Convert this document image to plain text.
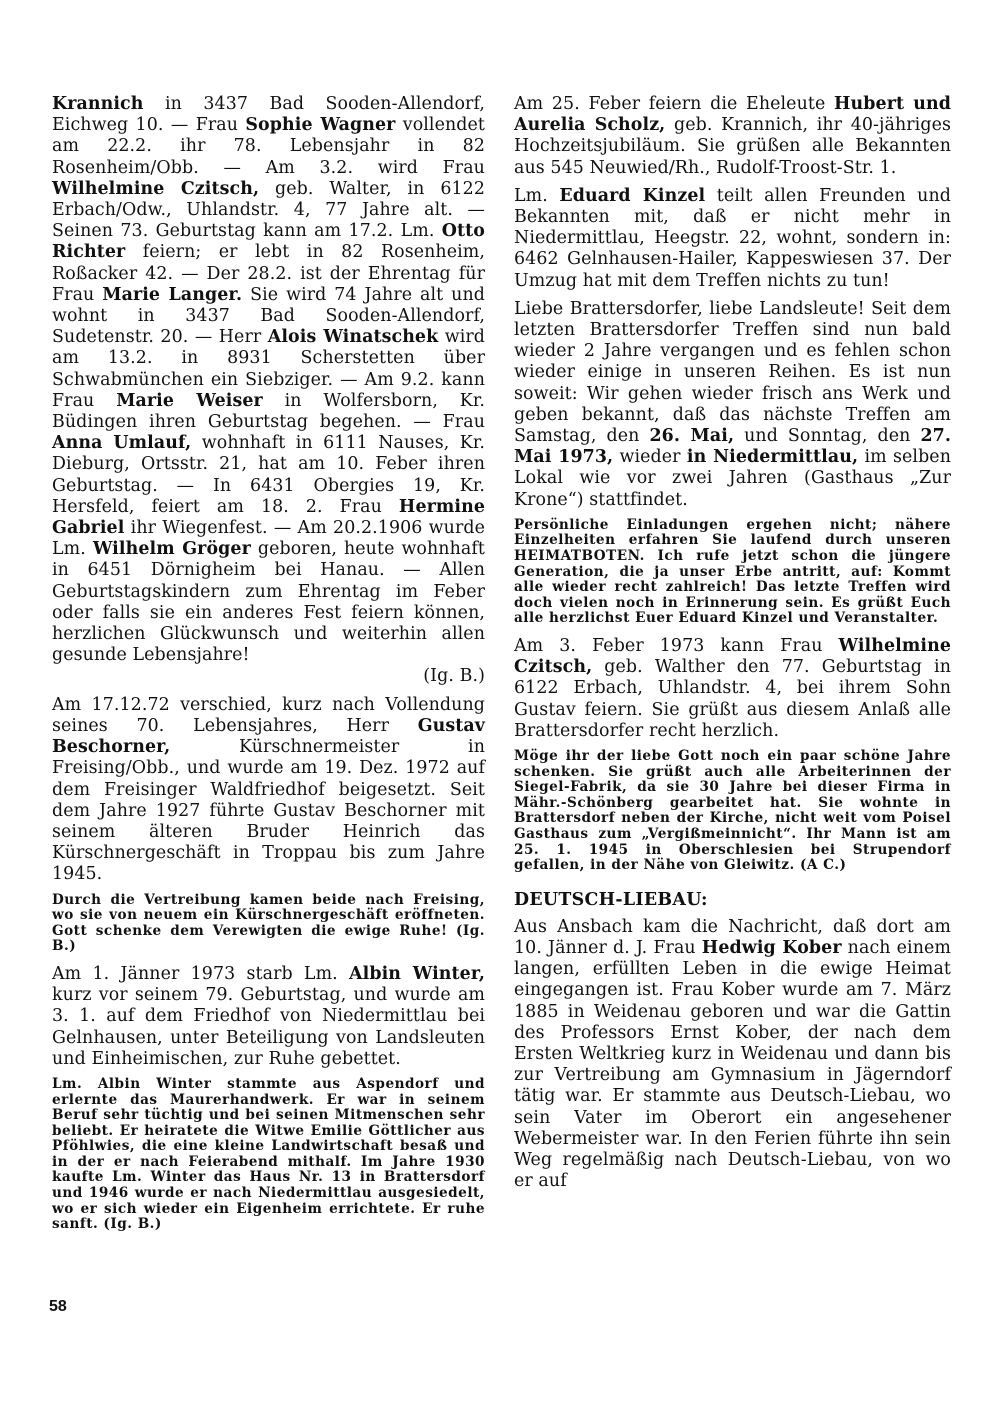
Krannich in 3437 Bad Sooden-Allendorf, Eichweg 10. — Frau Sophie Wagner vollendet am 22.2. ihr 78. Lebensjahr in 82 Rosenheim/Obb. — Am 3.2. wird Frau Wilhelmine Czitsch, geb. Walter, in 6122 Erbach/Odw., Uhlandstr. 4, 77 Jahre alt. — Seinen 73. Geburtstag kann am 17.2. Lm. Otto Richter feiern; er lebt in 82 Rosenheim, Roßacker 42. — Der 28.2. ist der Ehrentag für Frau Marie Langer. Sie wird 74 Jahre alt und wohnt in 3437 Bad Sooden-Allendorf, Sudetenstr. 20. — Herr Alois Winatschek wird am 13.2. in 8931 Scherstetten über Schwabmünchen ein Siebziger. — Am 9.2. kann Frau Marie Weiser in Wolfersborn, Kr. Büdingen ihren Geburtstag begehen. — Frau Anna Umlauf, wohnhaft in 6111 Nauses, Kr. Dieburg, Ortsstr. 21, hat am 10. Feber ihren Geburtstag. — In 6431 Obergies 19, Kr. Hersfeld, feiert am 18. 2. Frau Hermine Gabriel ihr Wiegenfest. — Am 20.2.1906 wurde Lm. Wilhelm Gröger geboren, heute wohnhaft in 6451 Dörnigheim bei Hanau. — Allen Geburtstagskindern zum Ehrentag im Feber oder falls sie ein anderes Fest feiern können, herzlichen Glückwunsch und weiterhin allen gesunde Lebensjahre!
(Ig. B.)

Am 17.12.72 verschied, kurz nach Vollendung seines 70. Lebensjahres, Herr Gustav Beschorner, Kürschnermeister in Freising/Obb., und wurde am 19. Dez. 1972 auf dem Freisinger Waldfriedhof beigesetzt. Seit dem Jahre 1927 führte Gustav Beschorner mit seinem älteren Bruder Heinrich das Kürschnergeschäft in Troppau bis zum Jahre 1945.

Durch die Vertreibung kamen beide nach Freising, wo sie von neuem ein Kürschnergeschäft eröffneten. Gott schenke dem Verewigten die ewige Ruhe! (Ig. B.)

Am 1. Jänner 1973 starb Lm. Albin Winter, kurz vor seinem 79. Geburtstag, und wurde am 3. 1. auf dem Friedhof von Niedermittlau bei Gelnhausen, unter Beteiligung von Landsleuten und Einheimischen, zur Ruhe gebettet.

Lm. Albin Winter stammte aus Aspendorf und erlernte das Maurerhandwerk. Er war in seinem Beruf sehr tüchtig und bei seinen Mitmenschen sehr beliebt. Er heiratete die Witwe Emilie Göttlicher aus Pföhlwies, die eine kleine Landwirtschaft besaß und in der er nach Feierabend mithalf. Im Jahre 1930 kaufte Lm. Winter das Haus Nr. 13 in Brattersdorf und 1946 wurde er nach Niedermittlau ausgesiedelt, wo er sich wieder ein Eigenheim errichtete. Er ruhe sanft. (Ig. B.)

Am 25. Feber feiern die Eheleute Hubert und Aurelia Scholz, geb. Krannich, ihr 40-jähriges Hochzeitsjubiläum. Sie grüßen alle Bekannten aus 545 Neuwied/Rh., Rudolf-Troost-Str. 1.

Lm. Eduard Kinzel teilt allen Freunden und Bekannten mit, daß er nicht mehr in Niedermittlau, Heegstr. 22, wohnt, sondern in: 6462 Gelnhausen-Hailer, Kappeswiesen 37. Der Umzug hat mit dem Treffen nichts zu tun!

Liebe Brattersdorfer, liebe Landsleute! Seit dem letzten Brattersdorfer Treffen sind nun bald wieder 2 Jahre vergangen und es fehlen schon wieder einige in unseren Reihen. Es ist nun soweit: Wir gehen wieder frisch ans Werk und geben bekannt, daß das nächste Treffen am Samstag, den 26. Mai, und Sonntag, den 27. Mai 1973, wieder in Niedermittlau, im selben Lokal wie vor zwei Jahren (Gasthaus „Zur Krone“) stattfindet.

Persönliche Einladungen ergehen nicht; nähere Einzelheiten erfahren Sie laufend durch unseren HEIMATBOTEN. Ich rufe jetzt schon die jüngere Generation, die ja unser Erbe antritt, auf: Kommt alle wieder recht zahlreich! Das letzte Treffen wird doch vielen noch in Erinnerung sein. Es grüßt Euch alle herzlichst Euer Eduard Kinzel und Veranstalter.

Am 3. Feber 1973 kann Frau Wilhelmine Czitsch, geb. Walther den 77. Geburtstag in 6122 Erbach, Uhlandstr. 4, bei ihrem Sohn Gustav feiern. Sie grüßt aus diesem Anlaß alle Brattersdorfer recht herzlich.

Möge ihr der liebe Gott noch ein paar schöne Jahre schenken. Sie grüßt auch alle Arbeiterinnen der Siegel-Fabrik, da sie 30 Jahre bei dieser Firma in Mähr.-Schönberg gearbeitet hat. Sie wohnte in Brattersdorf neben der Kirche, nicht weit vom Poisel Gasthaus zum „Vergißmeinnicht“. Ihr Mann ist am 25. 1. 1945 in Oberschlesien bei Strupendorf gefallen, in der Nähe von Gleiwitz. (A C.)

DEUTSCH-LIEBAU:

Aus Ansbach kam die Nachricht, daß dort am 10. Jänner d. J. Frau Hedwig Kober nach einem langen, erfüllten Leben in die ewige Heimat eingegangen ist. Frau Kober wurde am 7. März 1885 in Weidenau geboren und war die Gattin des Professors Ernst Kober, der nach dem Ersten Weltkrieg kurz in Weidenau und dann bis zur Vertreibung am Gymnasium in Jägerndorf tätig war. Er stammte aus Deutsch-Liebau, wo sein Vater im Oberort ein angesehener Webermeister war. In den Ferien führte ihn sein Weg regelmäßig nach Deutsch-Liebau, von wo er auf

58
